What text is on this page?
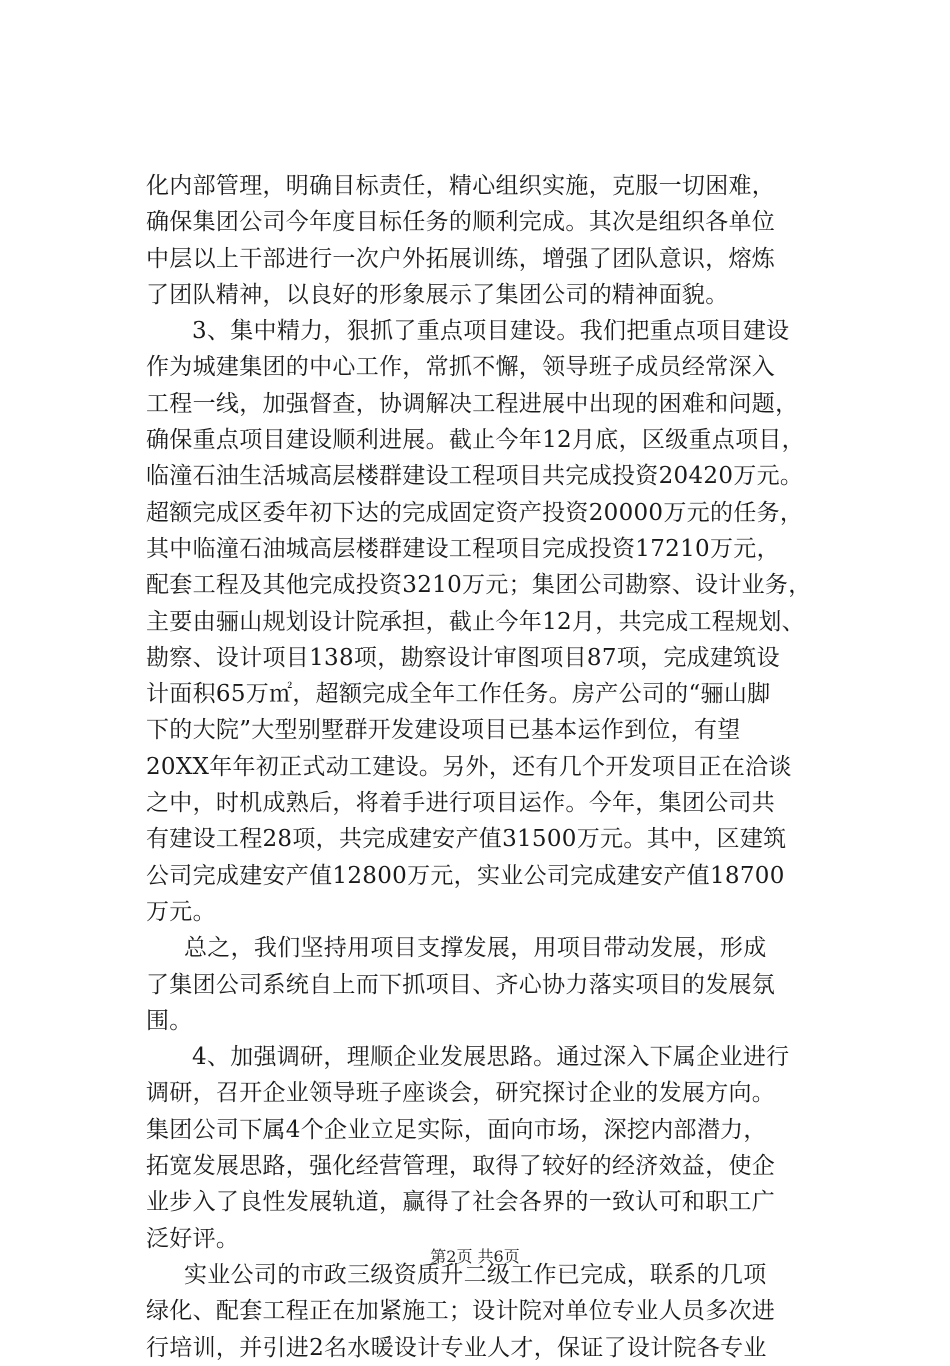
化内部管理，明确目标责任，精心组织实施，克服一切困难，
确保集团公司今年度目标任务的顺利完成。其次是组织各单位
中层以上干部进行一次户外拓展训练，增强了团队意识，熔炼
了团队精神，以良好的形象展示了集团公司的精神面貌。
3、集中精力，狠抓了重点项目建设。我们把重点项目建设
作为城建集团的中心工作，常抓不懈，领导班子成员经常深入
工程一线，加强督查，协调解决工程进展中出现的困难和问题，
确保重点项目建设顺利进展。截止今年12月底，区级重点项目，
临潼石油生活城高层楼群建设工程项目共完成投资20420万元。
超额完成区委年初下达的完成固定资产投资20000万元的任务，
其中临潼石油城高层楼群建设工程项目完成投资17210万元，
配套工程及其他完成投资3210万元；集团公司勘察、设计业务，
主要由骊山规划设计院承担，截止今年12月，共完成工程规划、
勘察、设计项目138项，勘察设计审图项目87项，完成建筑设
计面积65万㎡，超额完成全年工作任务。房产公司的“骊山脚
下的大院”大型别墅群开发建设项目已基本运作到位，有望
20XX年年初正式动工建设。另外，还有几个开发项目正在洽谈
之中，时机成熟后，将着手进行项目运作。今年，集团公司共
有建设工程28项，共完成建安产值31500万元。其中，区建筑
公司完成建安产值12800万元，实业公司完成建安产值18700
万元。
总之，我们坚持用项目支撑发展，用项目带动发展，形成
了集团公司系统自上而下抓项目、齐心协力落实项目的发展氛
围。
4、加强调研，理顺企业发展思路。通过深入下属企业进行
调研，召开企业领导班子座谈会，研究探讨企业的发展方向。
集团公司下属4个企业立足实际，面向市场，深挖内部潜力，
拓宽发展思路，强化经营管理，取得了较好的经济效益，使企
业步入了良性发展轨道，赢得了社会各界的一致认可和职工广
泛好评。
实业公司的市政三级资质升二级工作已完成，联系的几项
绿化、配套工程正在加紧施工；设计院对单位专业人员多次进
行培训，并引进2名水暖设计专业人才，保证了设计院各专业
第2页 共6页
